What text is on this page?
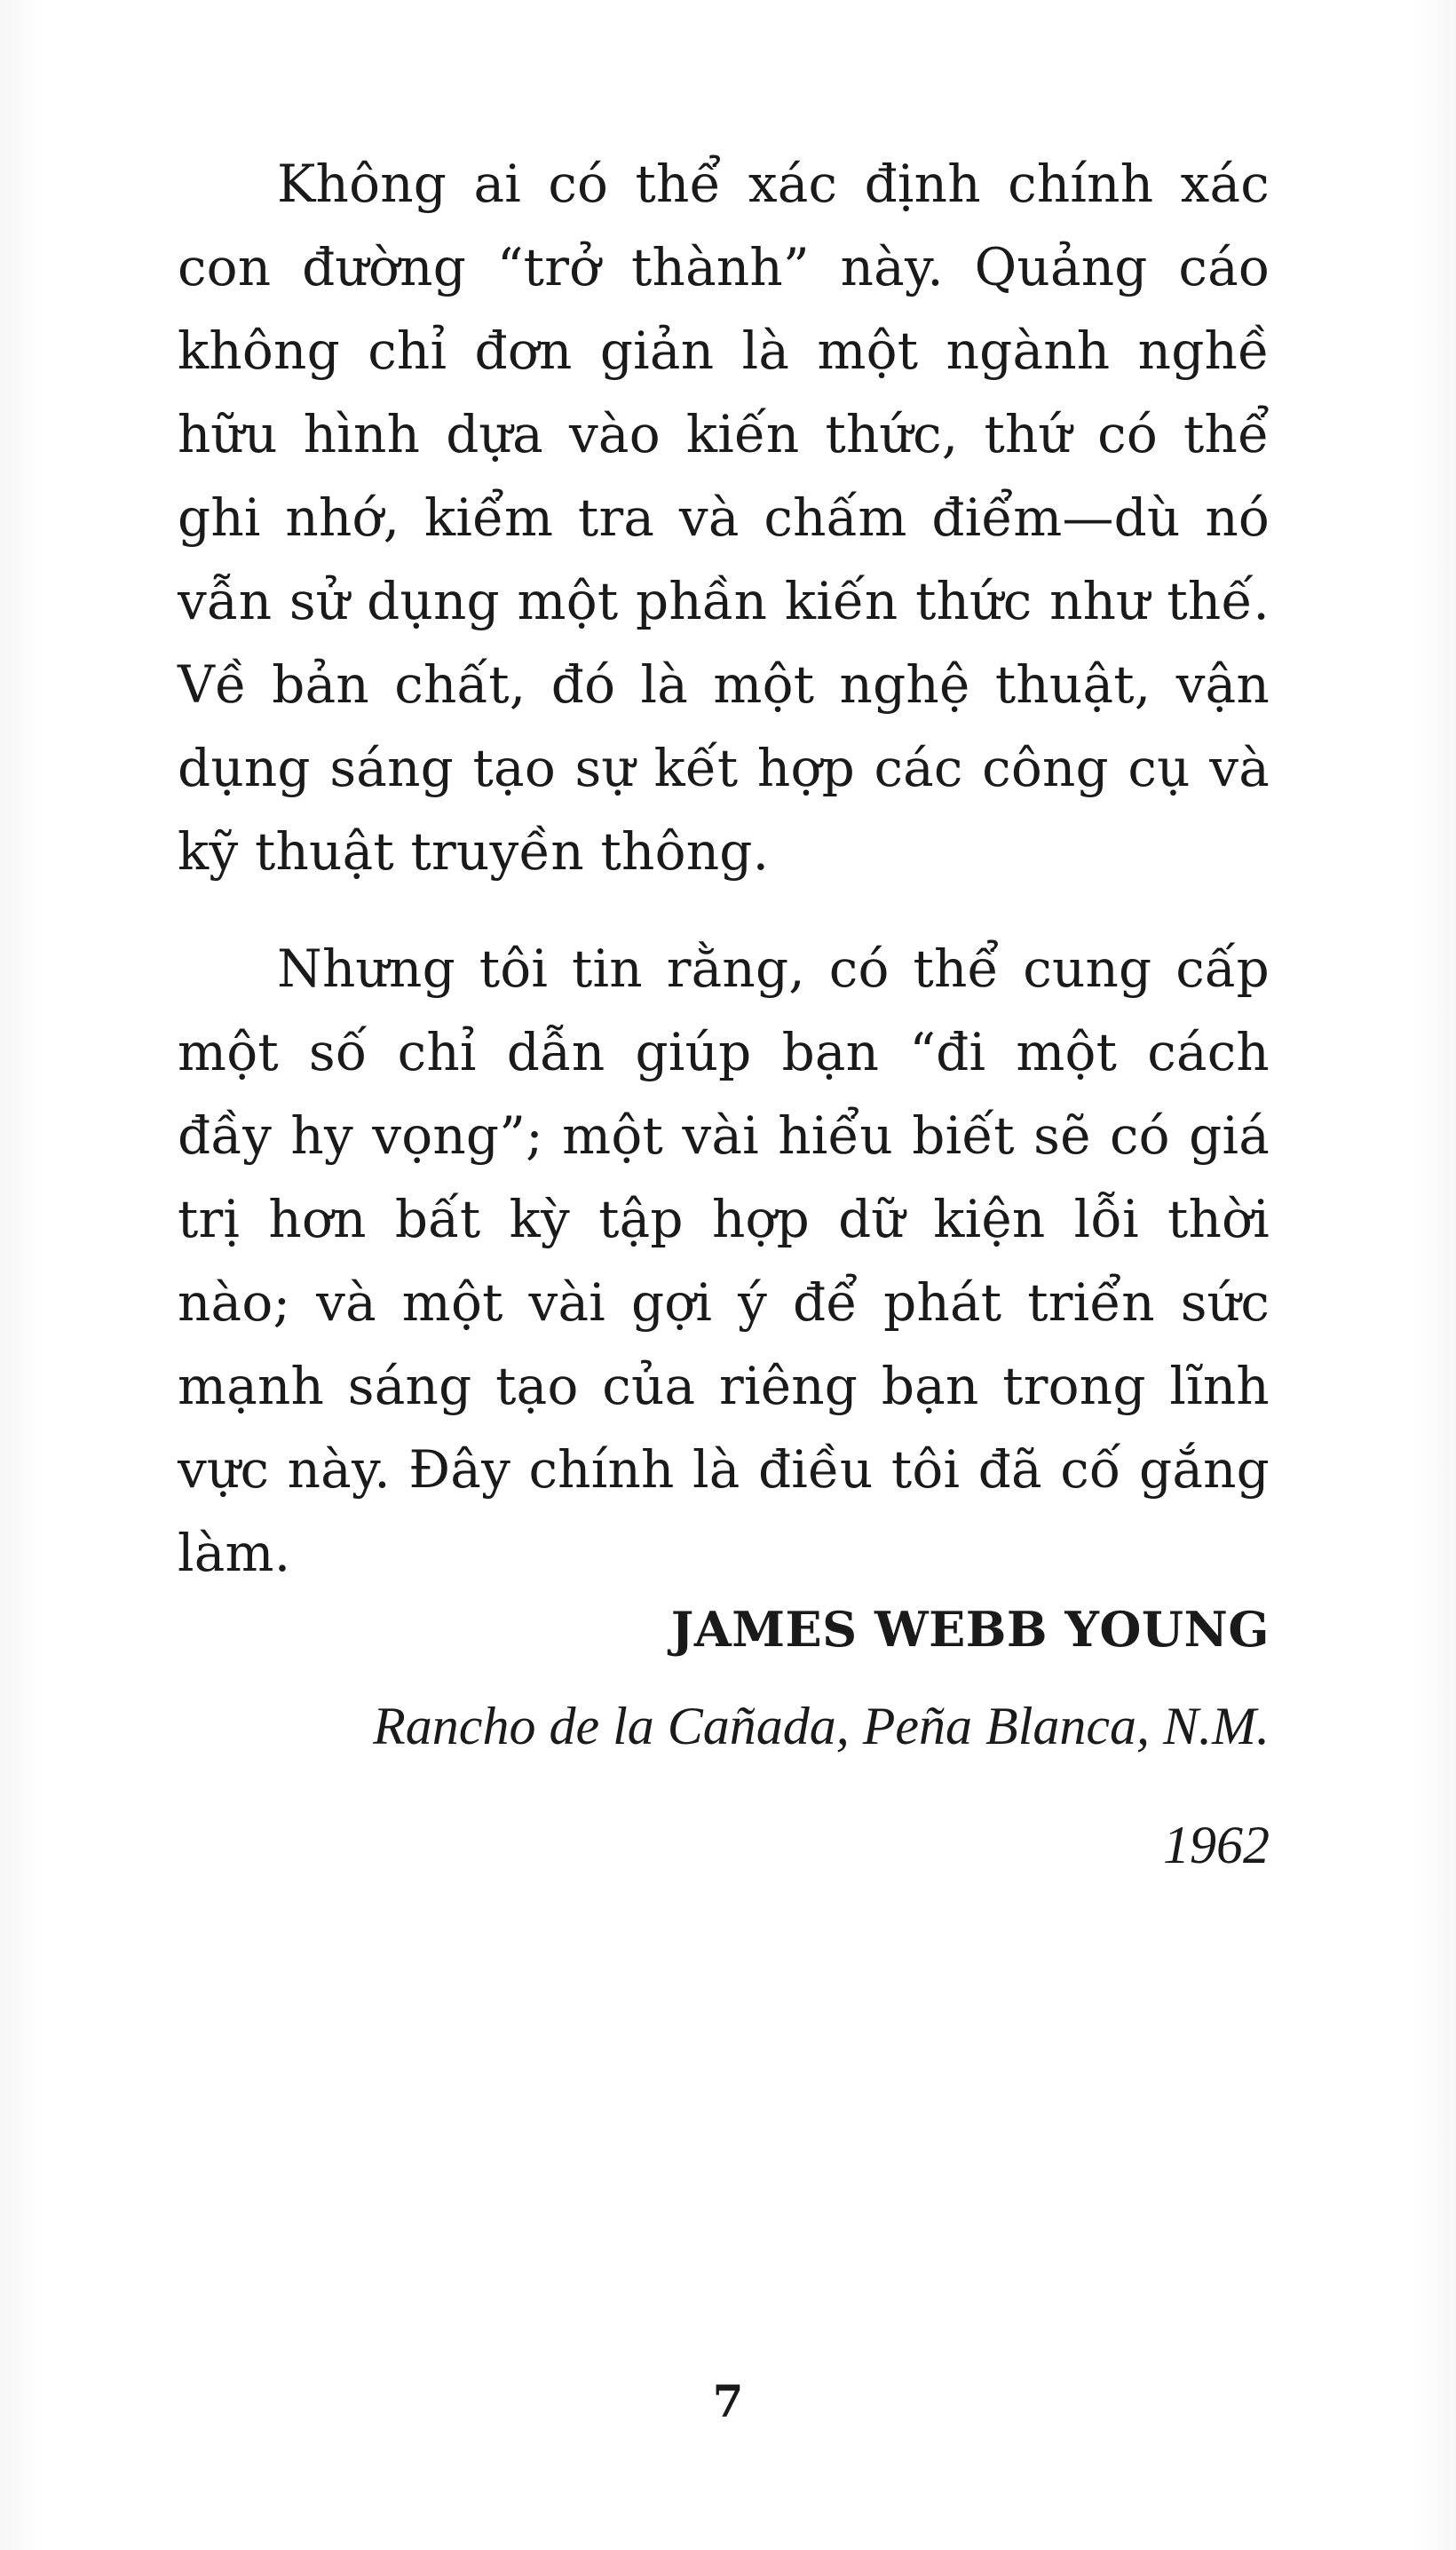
Không ai có thể xác định chính xác con đường “trở thành” này. Quảng cáo không chỉ đơn giản là một ngành nghề hữu hình dựa vào kiến thức, thứ có thể ghi nhớ, kiểm tra và chấm điểm—dù nó vẫn sử dụng một phần kiến thức như thế. Về bản chất, đó là một nghệ thuật, vận dụng sáng tạo sự kết hợp các công cụ và kỹ thuật truyền thông.

Nhưng tôi tin rằng, có thể cung cấp một số chỉ dẫn giúp bạn “đi một cách đầy hy vọng”; một vài hiểu biết sẽ có giá trị hơn bất kỳ tập hợp dữ kiện lỗi thời nào; và một vài gợi ý để phát triển sức mạnh sáng tạo của riêng bạn trong lĩnh vực này. Đây chính là điều tôi đã cố gắng làm.

JAMES WEBB YOUNG
Rancho de la Cañada, Peña Blanca, N.M.
1962
7
